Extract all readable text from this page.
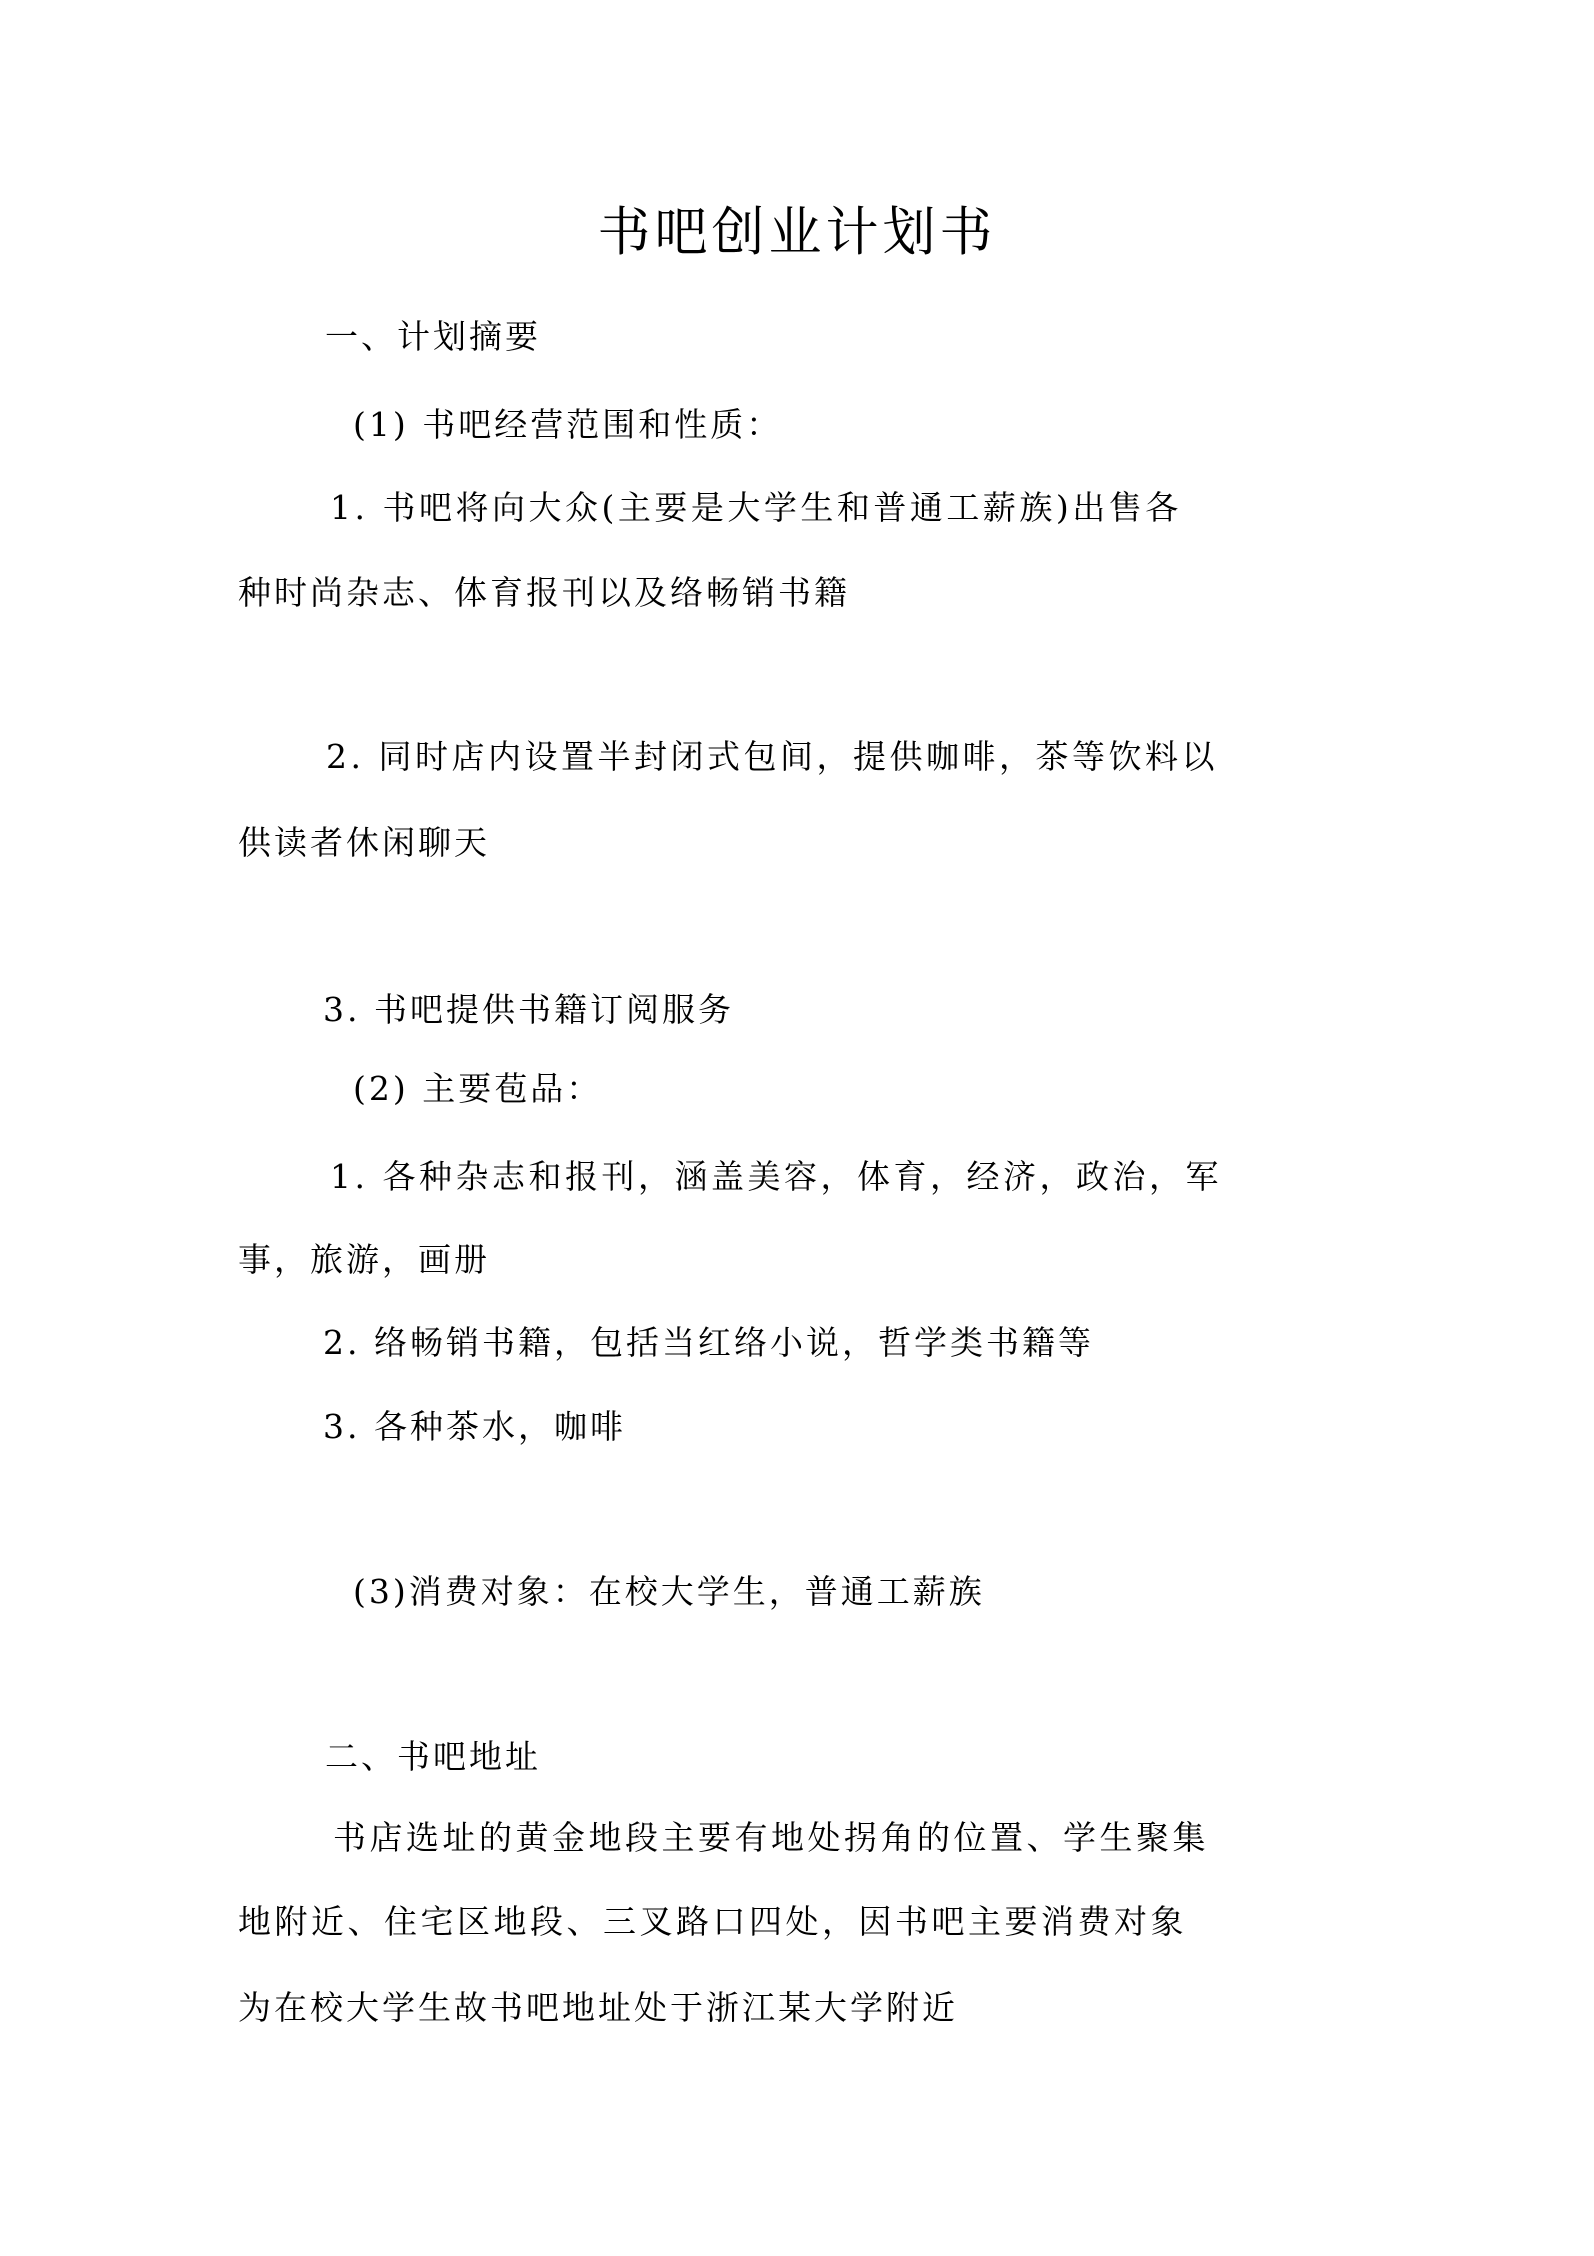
书吧创业计划书
一、计划摘要
(1) 书吧经营范围和性质：
1. 书吧将向大众(主要是大学生和普通工薪族)出售各
种时尚杂志、体育报刊以及络畅销书籍
2. 同时店内设置半封闭式包间，提供咖啡，茶等饮料以
供读者休闲聊天
3. 书吧提供书籍订阅服务
(2) 主要苞品：
1. 各种杂志和报刊，涵盖美容，体育，经济，政治，军
事，旅游，画册
2. 络畅销书籍，包括当红络小说，哲学类书籍等
3. 各种茶水，咖啡
(3)消费对象：在校大学生，普通工薪族
二、书吧地址
书店选址的黄金地段主要有地处拐角的位置、学生聚集
地附近、住宅区地段、三叉路口四处，因书吧主要消费对象
为在校大学生故书吧地址处于浙江某大学附近
